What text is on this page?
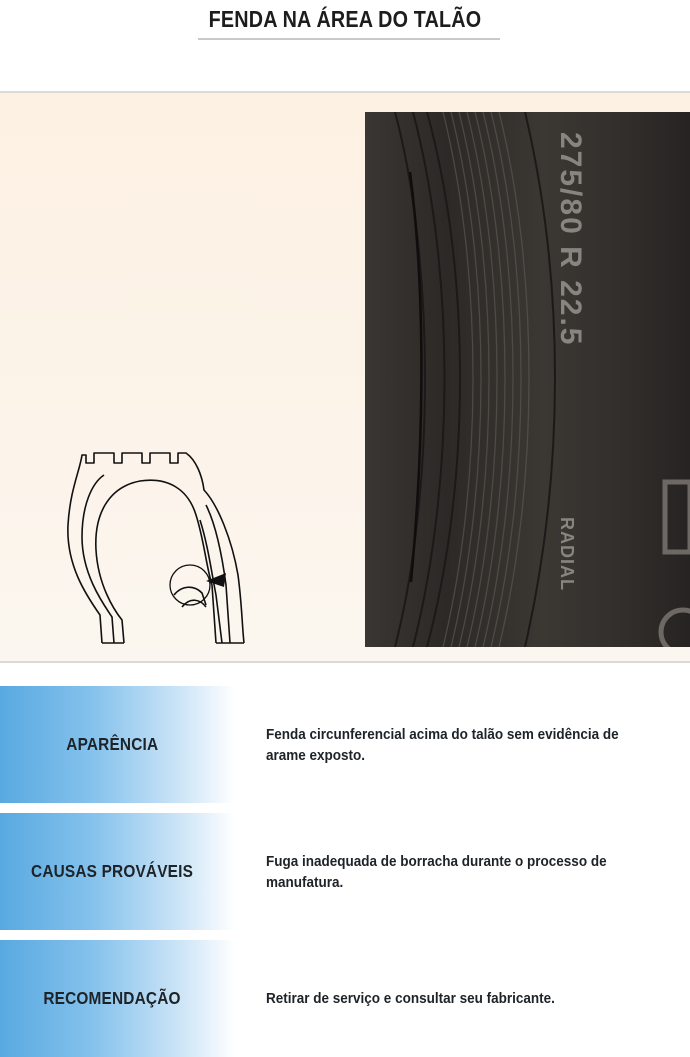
FENDA NA ÁREA DO TALÃO
275/80 R 22.5
RADIAL
APARÊNCIA	Fenda circunferencial acima do talão sem evidência de arame exposto.
CAUSAS PROVÁVEIS	Fuga inadequada de borracha durante o processo de manufatura.
RECOMENDAÇÃO	Retirar de serviço e consultar seu fabricante.
